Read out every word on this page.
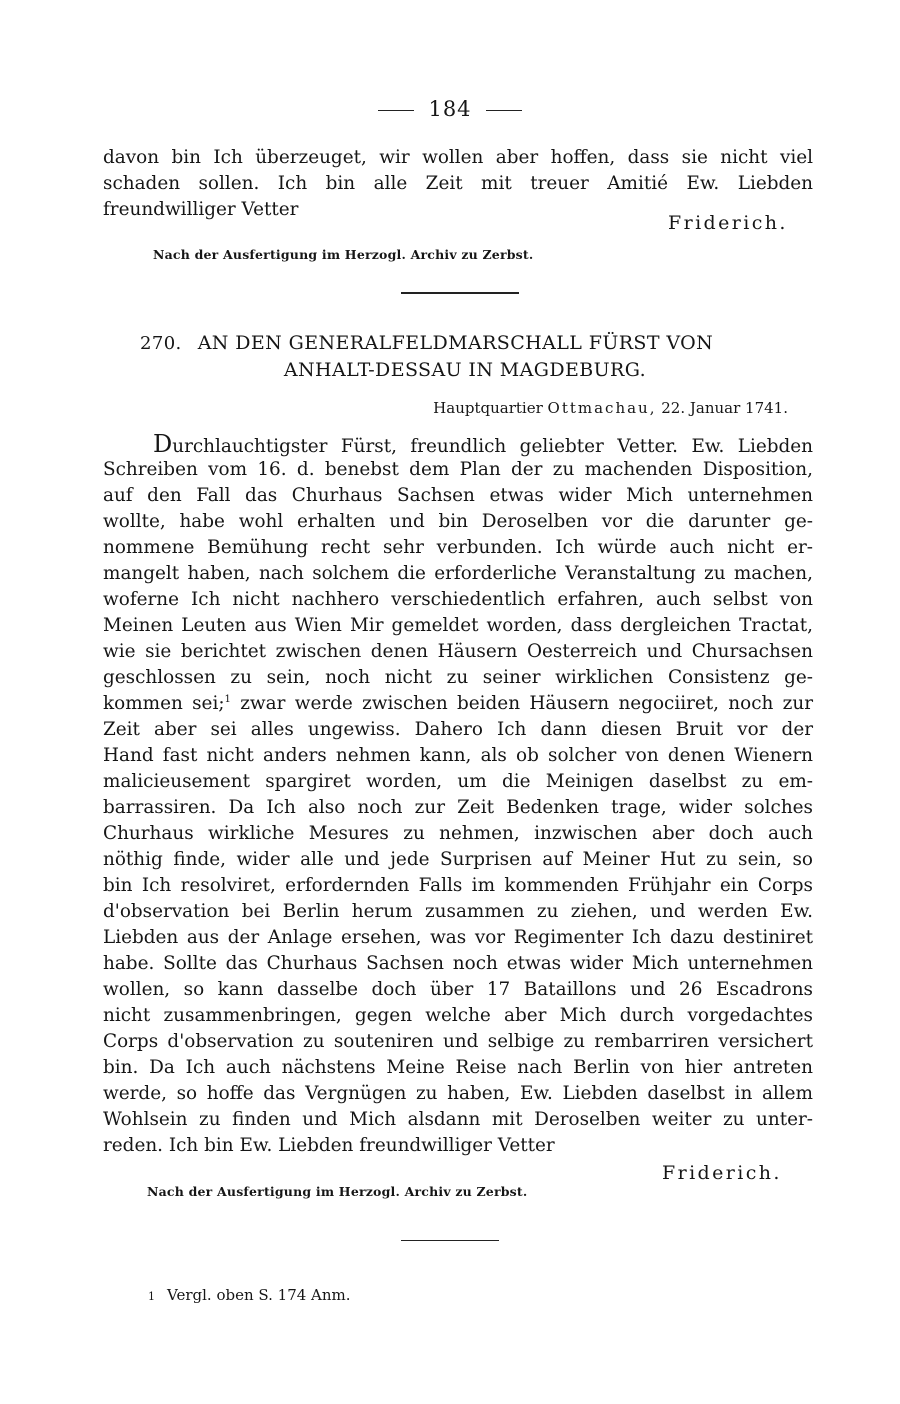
184
davon bin Ich überzeuget, wir wollen aber hoffen, dass sie nicht viel
schaden sollen. Ich bin alle Zeit mit treuer Amitié Ew. Liebden
freundwilliger Vetter
Friderich.
Nach der Ausfertigung im Herzogl. Archiv zu Zerbst.
270. AN DEN GENERALFELDMARSCHALL FÜRST VON
ANHALT-DESSAU IN MAGDEBURG.
Hauptquartier Ottmachau, 22. Januar 1741.
Durchlauchtigster Fürst, freundlich geliebter Vetter. Ew. Liebden
Schreiben vom 16. d. benebst dem Plan der zu machenden Disposition,
auf den Fall das Churhaus Sachsen etwas wider Mich unternehmen
wollte, habe wohl erhalten und bin Deroselben vor die darunter ge-
nommene Bemühung recht sehr verbunden. Ich würde auch nicht er-
mangelt haben, nach solchem die erforderliche Veranstaltung zu machen,
woferne Ich nicht nachhero verschiedentlich erfahren, auch selbst von
Meinen Leuten aus Wien Mir gemeldet worden, dass dergleichen Tractat,
wie sie berichtet zwischen denen Häusern Oesterreich und Chursachsen
geschlossen zu sein, noch nicht zu seiner wirklichen Consistenz ge-
kommen sei;$^1$ zwar werde zwischen beiden Häusern negociiret, noch zur
Zeit aber sei alles ungewiss. Dahero Ich dann diesen Bruit vor der
Hand fast nicht anders nehmen kann, als ob solcher von denen Wienern
malicieusement spargiret worden, um die Meinigen daselbst zu em-
barrassiren. Da Ich also noch zur Zeit Bedenken trage, wider solches
Churhaus wirkliche Mesures zu nehmen, inzwischen aber doch auch
nöthig finde, wider alle und jede Surprisen auf Meiner Hut zu sein, so
bin Ich resolviret, erfordernden Falls im kommenden Frühjahr ein Corps
d'observation bei Berlin herum zusammen zu ziehen, und werden Ew.
Liebden aus der Anlage ersehen, was vor Regimenter Ich dazu destiniret
habe. Sollte das Churhaus Sachsen noch etwas wider Mich unternehmen
wollen, so kann dasselbe doch über 17 Bataillons und 26 Escadrons
nicht zusammenbringen, gegen welche aber Mich durch vorgedachtes
Corps d'observation zu souteniren und selbige zu rembarriren versichert
bin. Da Ich auch nächstens Meine Reise nach Berlin von hier antreten
werde, so hoffe das Vergnügen zu haben, Ew. Liebden daselbst in allem
Wohlsein zu finden und Mich alsdann mit Deroselben weiter zu unter-
reden. Ich bin Ew. Liebden freundwilliger Vetter
Friderich.
Nach der Ausfertigung im Herzogl. Archiv zu Zerbst.
1 Vergl. oben S. 174 Anm.
